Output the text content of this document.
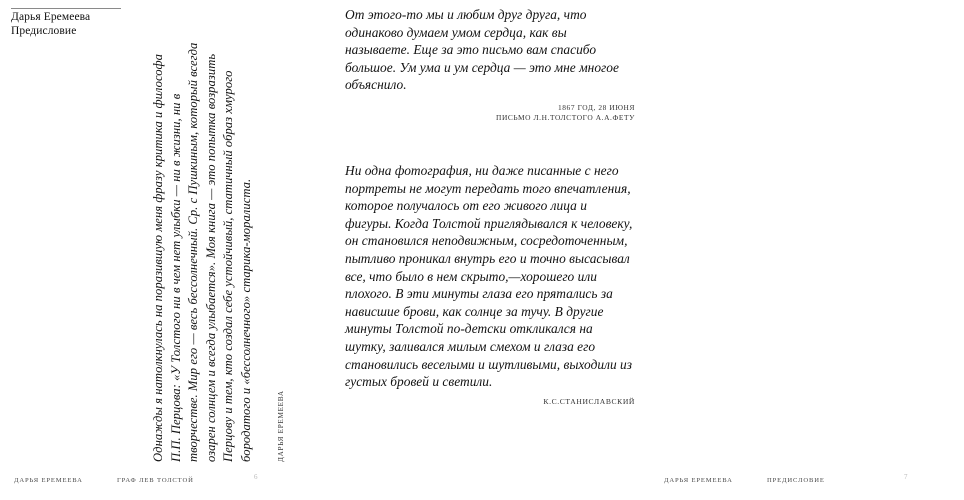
Дарья Еремеева
Предисловие

Однажды я натолкнулась на поразившую меня фразу критика и философа П.П. Перцова: «У Толстого ни в чем нет улыбки — ни в жизни, ни в творчестве. Мир его — весь бессолнечный. Ср. с Пушкиным, который всегда озарен солнцем и всегда улыбается». Моя книга — это попытка возразить Перцову и тем, кто создал себе устойчивый, статичный образ хмурого бородатого и «бессолнечного» старика-моралиста.	ДАРЬЯ ЕРЕМЕЕВА

ДАРЬЯ ЕРЕМЕЕВА	ГРАФ ЛЕВ ТОЛСТОЙ	6

От этого-то мы и любим друг друга, что одинаково думаем умом сердца, как вы называете. Еще за это письмо вам спасибо большое. Ум ума и ум сердца — это мне многое объяснило.

1867 ГОД, 28 ИЮНЯ
ПИСЬМО Л.Н.ТОЛСТОГО А.А.ФЕТУ

Ни одна фотография, ни даже писанные с него портреты не могут передать того впечатления, которое получалось от его живого лица и фигуры. Когда Толстой приглядывался к человеку, он становился неподвижным, сосредоточенным, пытливо проникал внутрь его и точно высасывал все, что было в нем скрыто,—хорошего или плохого. В эти минуты глаза его прятались за нависшие брови, как солнце за тучу. В другие минуты Толстой по-детски откликался на шутку, заливался милым смехом и глаза его становились веселыми и шутливыми, выходили из густых бровей и светили.

К.С.СТАНИСЛАВСКИЙ
ДАРЬЯ ЕРЕМЕЕВА	ПРЕДИСЛОВИЕ	7
